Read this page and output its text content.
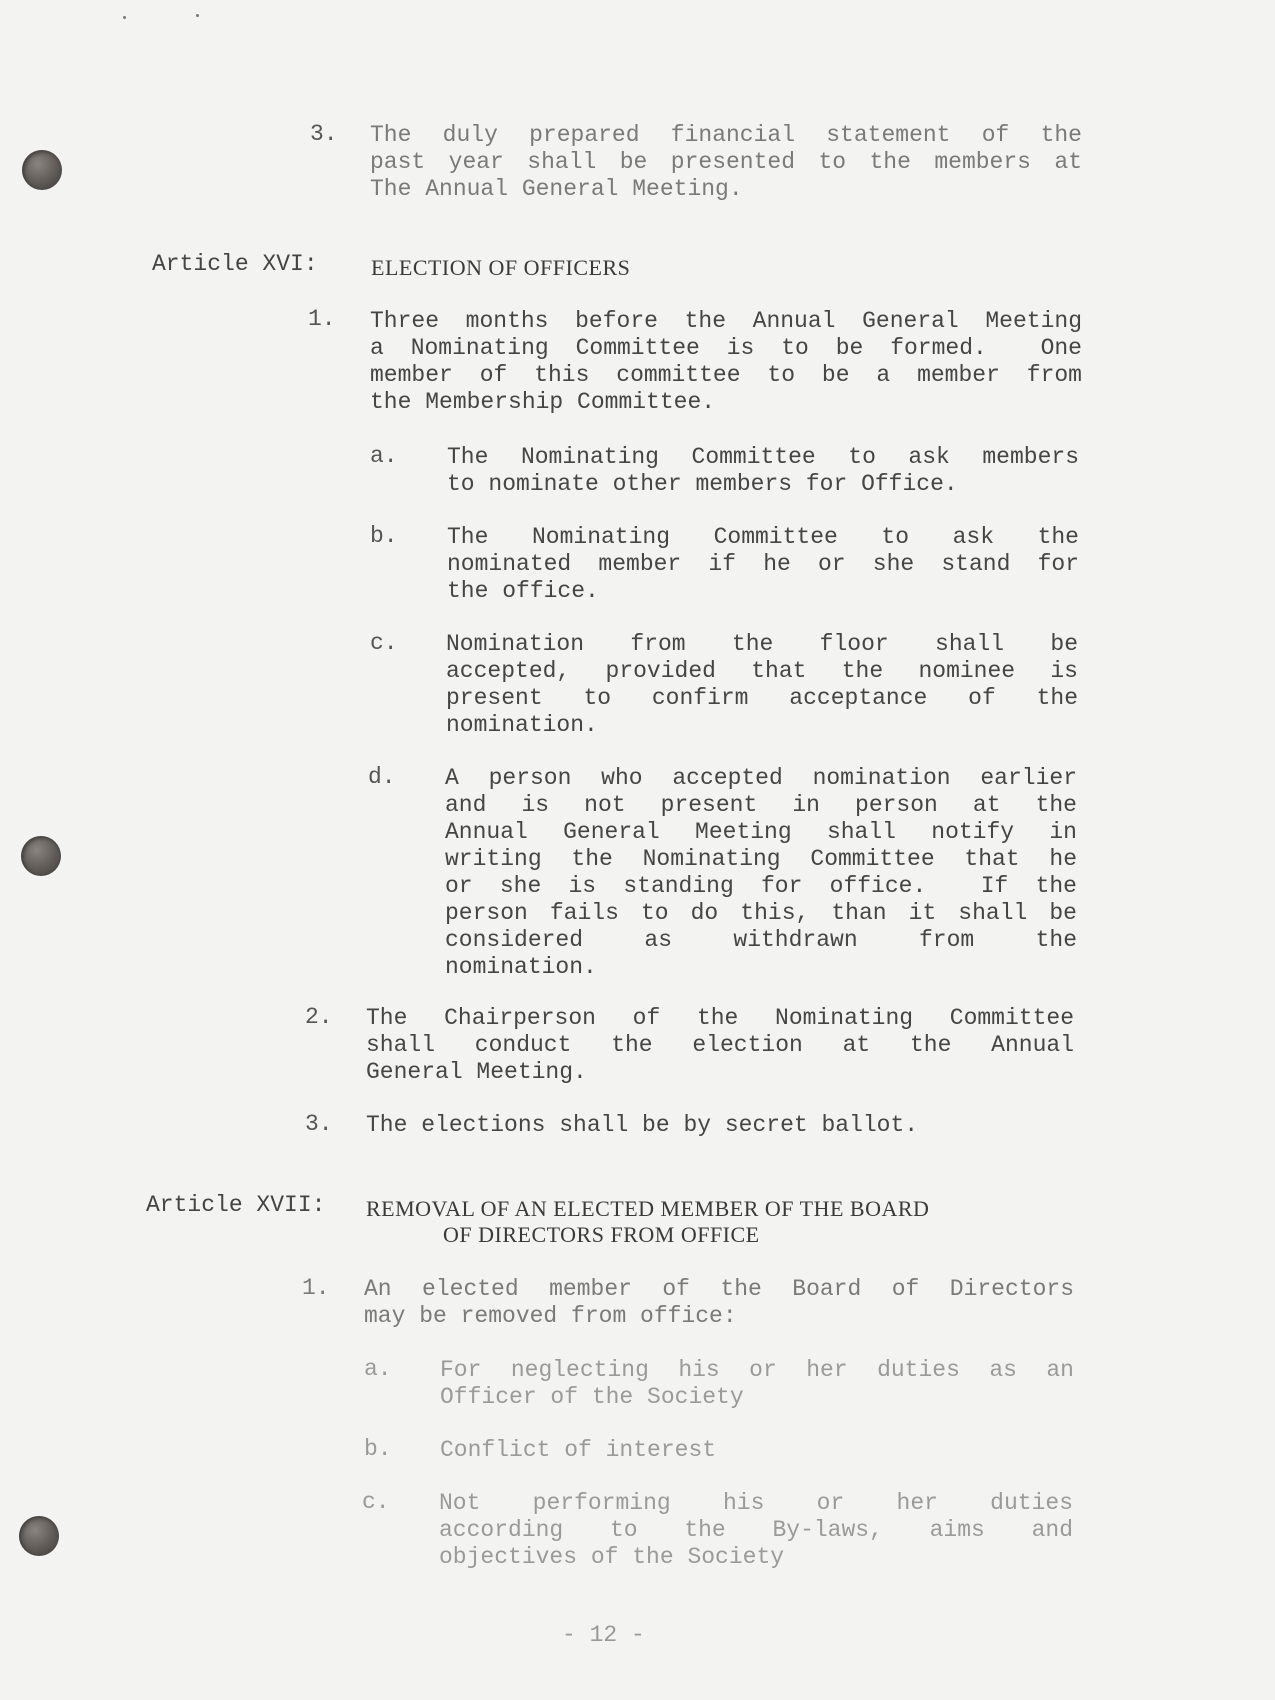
3. The duly prepared financial statement of the
past year shall be presented to the members at
The Annual General Meeting.
Article XVI: ELECTION OF OFFICERS
1. Three months before the Annual General Meeting
a Nominating Committee is to be formed.  One
member of this committee to be a member from
the Membership Committee.
a. The Nominating Committee to ask members
to nominate other members for Office.
b. The Nominating Committee to ask the
nominated member if he or she stand for
the office.
c. Nomination from the floor shall be
accepted, provided that the nominee is
present to confirm acceptance of the
nomination.
d. A person who accepted nomination earlier
and is not present in person at the
Annual General Meeting shall notify in
writing the Nominating Committee that he
or she is standing for office.  If the
person fails to do this, than it shall be
considered as withdrawn from the
nomination.
2. The Chairperson of the Nominating Committee
shall conduct the election at the Annual
General Meeting.
3. The elections shall be by secret ballot.
Article XVII: REMOVAL OF AN ELECTED MEMBER OF THE BOARD
OF DIRECTORS FROM OFFICE
1. An elected member of the Board of Directors
may be removed from office:
a. For neglecting his or her duties as an
Officer of the Society
b. Conflict of interest
c. Not performing his or her duties
according to the By-laws, aims and
objectives of the Society
- 12 -
